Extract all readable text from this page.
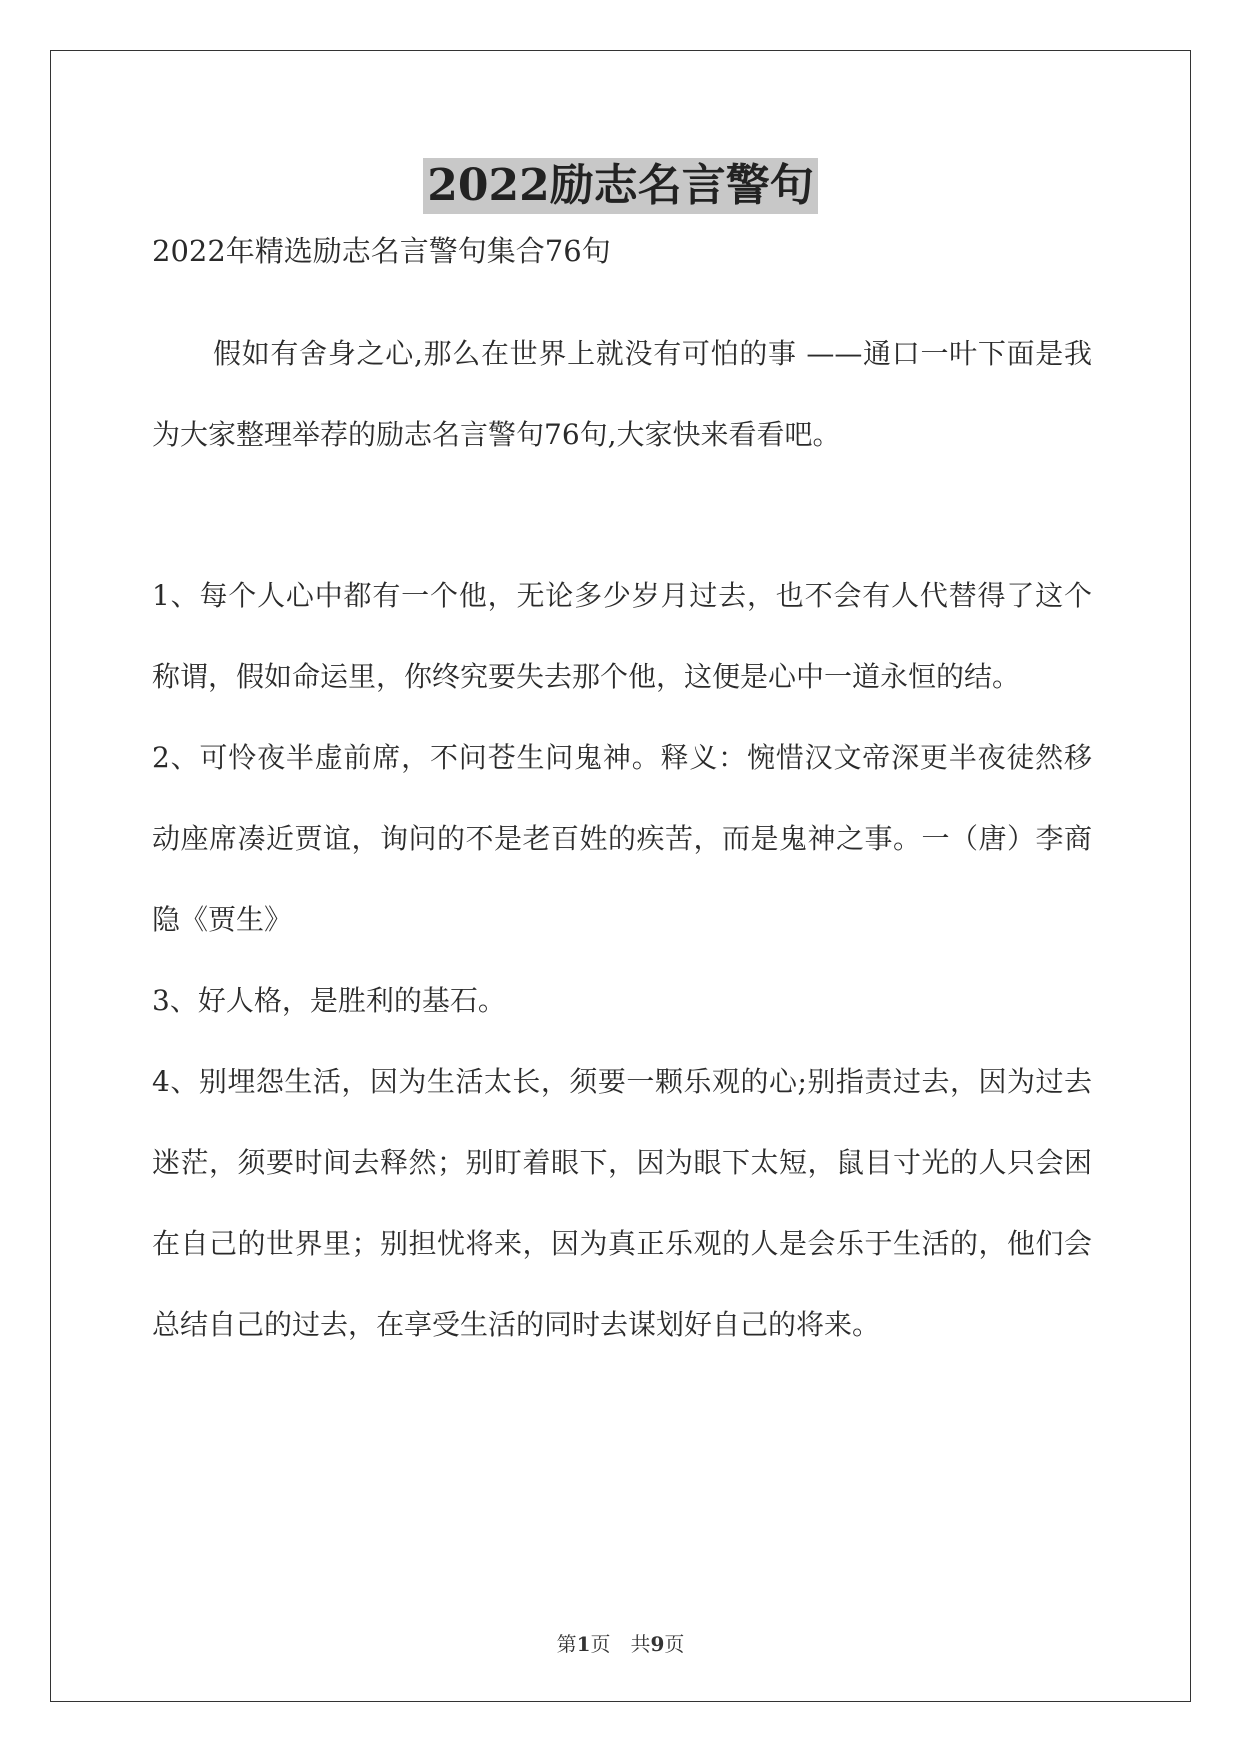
2022励志名言警句

2022年精选励志名言警句集合76句

假如有舍身之心,那么在世界上就没有可怕的事 ——通口一叶下面是我为大家整理举荐的励志名言警句76句,大家快来看看吧。

1、每个人心中都有一个他，无论多少岁月过去，也不会有人代替得了这个称谓，假如命运里，你终究要失去那个他，这便是心中一道永恒的结。

2、可怜夜半虚前席，不问苍生问鬼神。释义：惋惜汉文帝深更半夜徒然移动座席凑近贾谊，询问的不是老百姓的疾苦，而是鬼神之事。一（唐）李商隐《贾生》

3、好人格，是胜利的基石。

4、别埋怨生活，因为生活太长，须要一颗乐观的心;别指责过去，因为过去迷茫，须要时间去释然；别盯着眼下，因为眼下太短，鼠目寸光的人只会困在自己的世界里；别担忧将来，因为真正乐观的人是会乐于生活的，他们会总结自己的过去，在享受生活的同时去谋划好自己的将来。

第1页　共9页
